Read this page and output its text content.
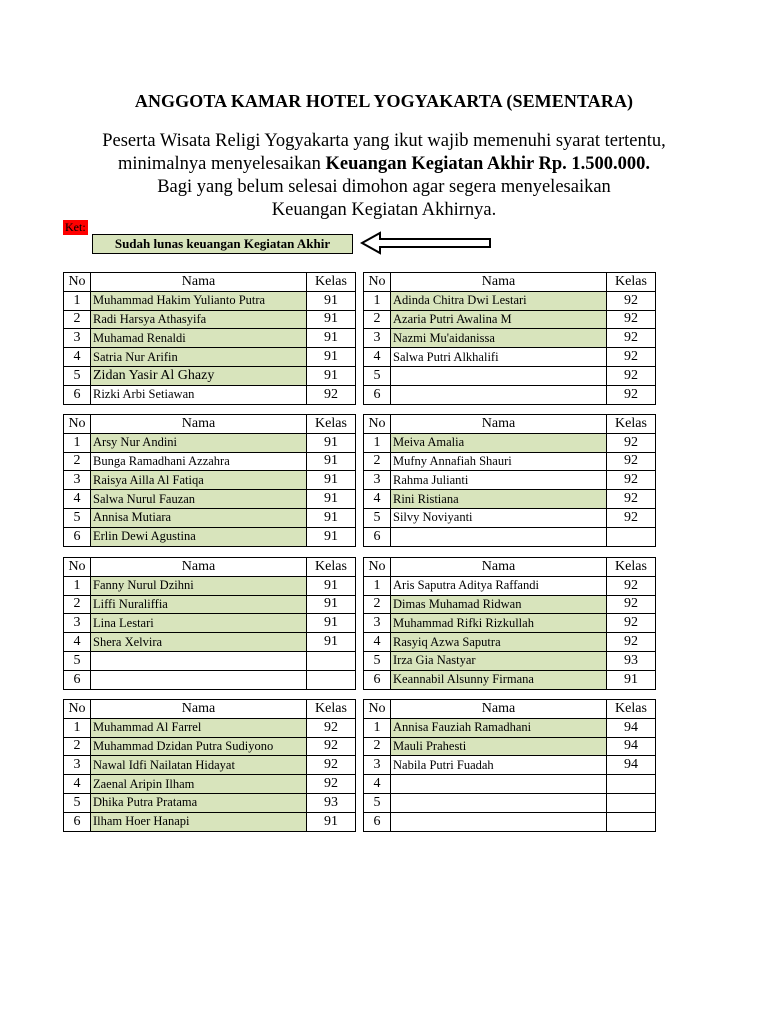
ANGGOTA KAMAR HOTEL YOGYAKARTA (SEMENTARA)
Peserta Wisata Religi Yogyakarta yang ikut wajib memenuhi syarat tertentu,
minimalnya menyelesaikan Keuangan Kegiatan Akhir Rp. 1.500.000.
Bagi yang belum selesai dimohon agar segera menyelesaikan
Keuangan Kegiatan Akhirnya.
Ket:
Sudah lunas keuangan Kegiatan Akhir
No	Nama	Kelas
1	Muhammad Hakim Yulianto Putra	91
2	Radi Harsya Athasyifa	91
3	Muhamad Renaldi	91
4	Satria Nur Arifin	91
5	Zidan Yasir Al Ghazy	91
6	Rizki Arbi Setiawan	92
No	Nama	Kelas
1	Adinda Chitra Dwi Lestari	92
2	Azaria Putri Awalina M	92
3	Nazmi Mu'aidanissa	92
4	Salwa Putri Alkhalifi	92
5		92
6		92
No	Nama	Kelas
1	Arsy Nur Andini	91
2	Bunga Ramadhani Azzahra	91
3	Raisya Ailla Al Fatiqa	91
4	Salwa Nurul Fauzan	91
5	Annisa Mutiara	91
6	Erlin Dewi Agustina	91
No	Nama	Kelas
1	Meiva Amalia	92
2	Mufny Annafiah Shauri	92
3	Rahma Julianti	92
4	Rini Ristiana	92
5	Silvy Noviyanti	92
6		
No	Nama	Kelas
1	Fanny Nurul Dzihni	91
2	Liffi Nuraliffia	91
3	Lina Lestari	91
4	Shera Xelvira	91
5		
6		
No	Nama	Kelas
1	Aris Saputra Aditya Raffandi	92
2	Dimas Muhamad Ridwan	92
3	Muhammad Rifki Rizkullah	92
4	Rasyiq Azwa Saputra	92
5	Irza Gia Nastyar	93
6	Keannabil Alsunny Firmana	91
No	Nama	Kelas
1	Muhammad Al Farrel	92
2	Muhammad Dzidan Putra Sudiyono	92
3	Nawal Idfi Nailatan Hidayat	92
4	Zaenal Aripin Ilham	92
5	Dhika Putra Pratama	93
6	Ilham Hoer Hanapi	91
No	Nama	Kelas
1	Annisa Fauziah Ramadhani	94
2	Mauli Prahesti	94
3	Nabila Putri Fuadah	94
4		
5		
6		
